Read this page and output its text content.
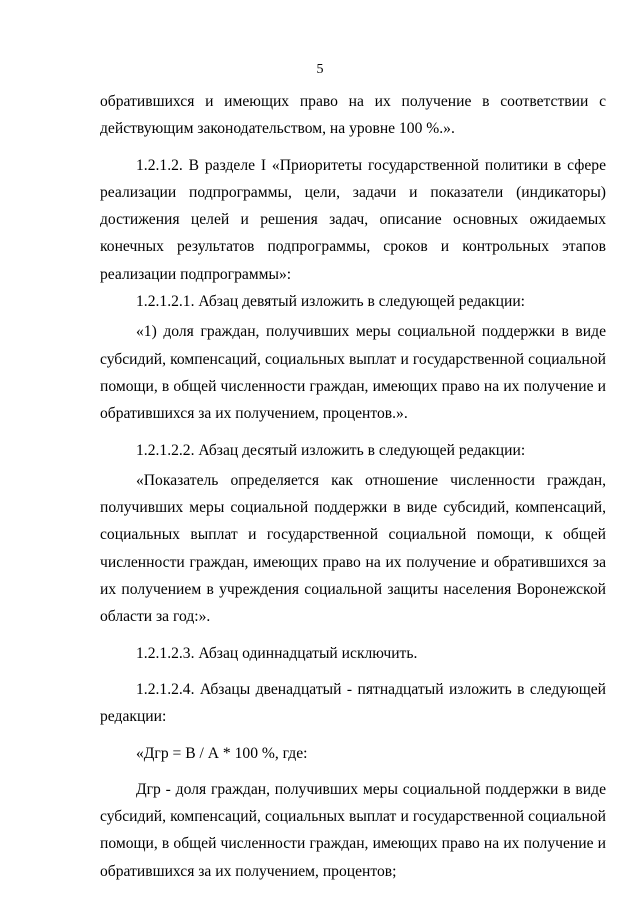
5

обратившихся и имеющих право на их получение в соответствии с действующим законодательством, на уровне 100 %.».

1.2.1.2. В разделе I «Приоритеты государственной политики в сфере реализации подпрограммы, цели, задачи и показатели (индикаторы) достижения целей и решения задач, описание основных ожидаемых конечных результатов подпрограммы, сроков и контрольных этапов реализации подпрограммы»:

1.2.1.2.1. Абзац девятый изложить в следующей редакции:

«1) доля граждан, получивших меры социальной поддержки в виде субсидий, компенсаций, социальных выплат и государственной социальной помощи, в общей численности граждан, имеющих право на их получение и обратившихся за их получением, процентов.».

1.2.1.2.2. Абзац десятый изложить в следующей редакции:

«Показатель определяется как отношение численности граждан, получивших меры социальной поддержки в виде субсидий, компенсаций, социальных выплат и государственной социальной помощи, к общей численности граждан, имеющих право на их получение и обратившихся за их получением в учреждения социальной защиты населения Воронежской области за год:».

1.2.1.2.3. Абзац одиннадцатый исключить.

1.2.1.2.4. Абзацы двенадцатый - пятнадцатый изложить в следующей редакции:

«Дгр = В / А * 100 %, где:

Дгр - доля граждан, получивших меры социальной поддержки в виде субсидий, компенсаций, социальных выплат и государственной социальной помощи, в общей численности граждан, имеющих право на их получение и обратившихся за их получением, процентов;
